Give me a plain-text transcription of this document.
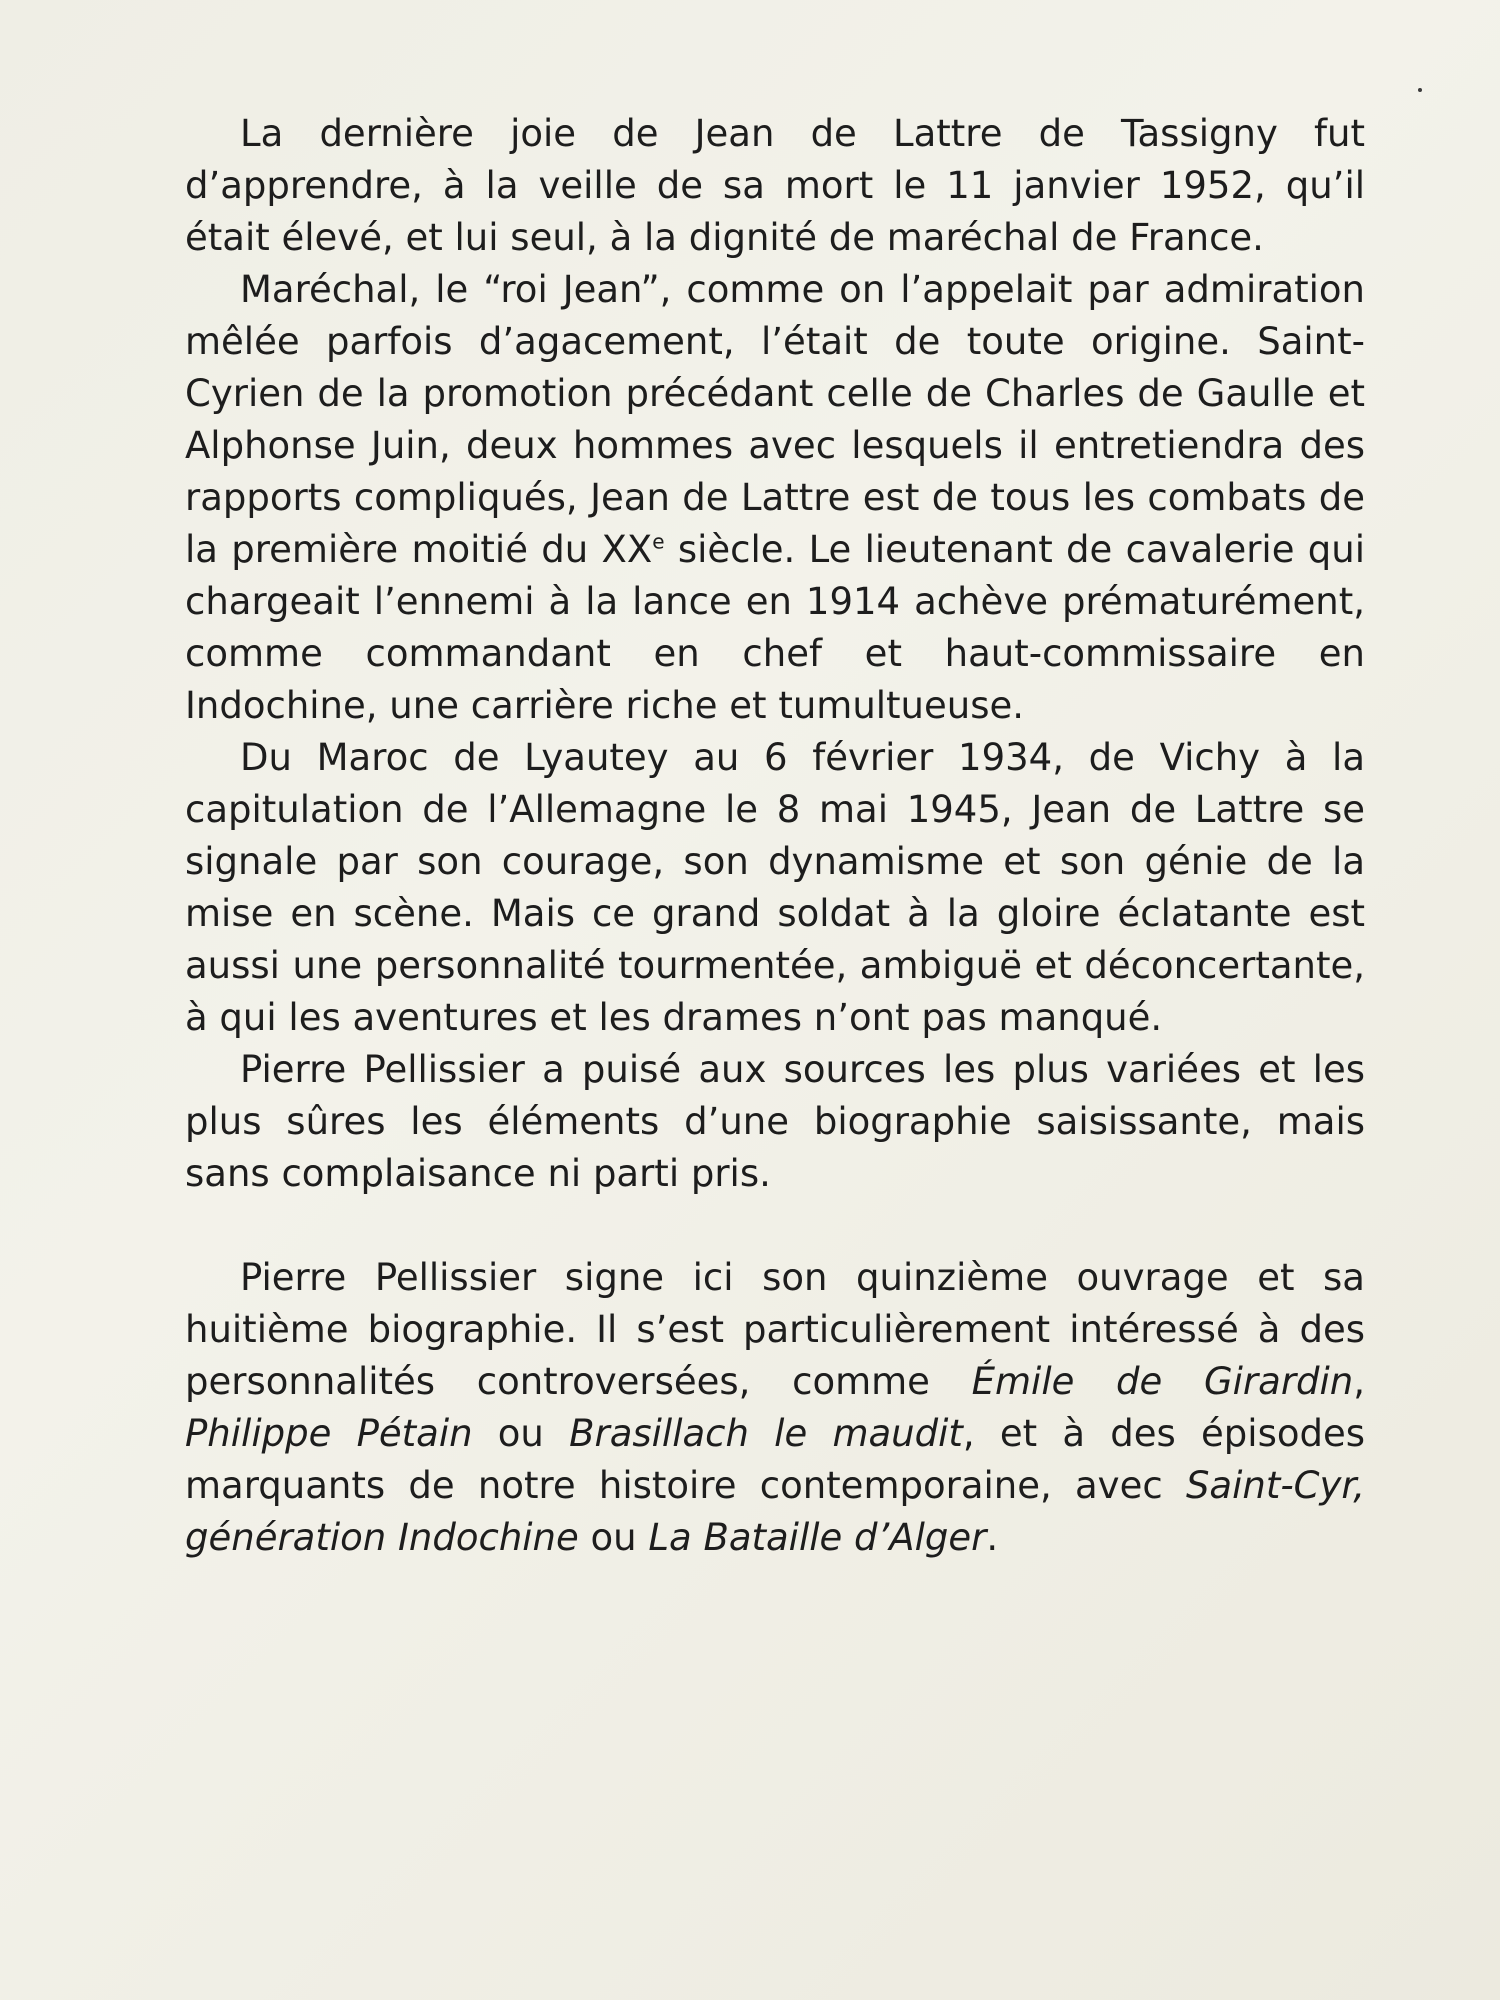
La dernière joie de Jean de Lattre de Tassigny fut d’apprendre, à la veille de sa mort le 11 janvier 1952, qu’il était élevé, et lui seul, à la dignité de maréchal de France.

Maréchal, le “roi Jean”, comme on l’appelait par admiration mêlée parfois d’agacement, l’était de toute origine. Saint-Cyrien de la promotion précédant celle de Charles de Gaulle et Alphonse Juin, deux hommes avec lesquels il entretiendra des rapports compliqués, Jean de Lattre est de tous les combats de la première moitié du XXe siècle. Le lieutenant de cavalerie qui chargeait l’ennemi à la lance en 1914 achève prématurément, comme commandant en chef et haut-commissaire en Indochine, une carrière riche et tumultueuse.

Du Maroc de Lyautey au 6 février 1934, de Vichy à la capitulation de l’Allemagne le 8 mai 1945, Jean de Lattre se signale par son courage, son dynamisme et son génie de la mise en scène. Mais ce grand soldat à la gloire éclatante est aussi une personnalité tourmentée, ambiguë et déconcertante, à qui les aventures et les drames n’ont pas manqué.

Pierre Pellissier a puisé aux sources les plus variées et les plus sûres les éléments d’une biographie saisissante, mais sans complaisance ni parti pris.

Pierre Pellissier signe ici son quinzième ouvrage et sa huitième biographie. Il s’est particulièrement intéressé à des personnalités controversées, comme Émile de Girardin, Philippe Pétain ou Brasillach le maudit, et à des épisodes marquants de notre histoire contemporaine, avec Saint-Cyr, génération Indochine ou La Bataille d’Alger.
